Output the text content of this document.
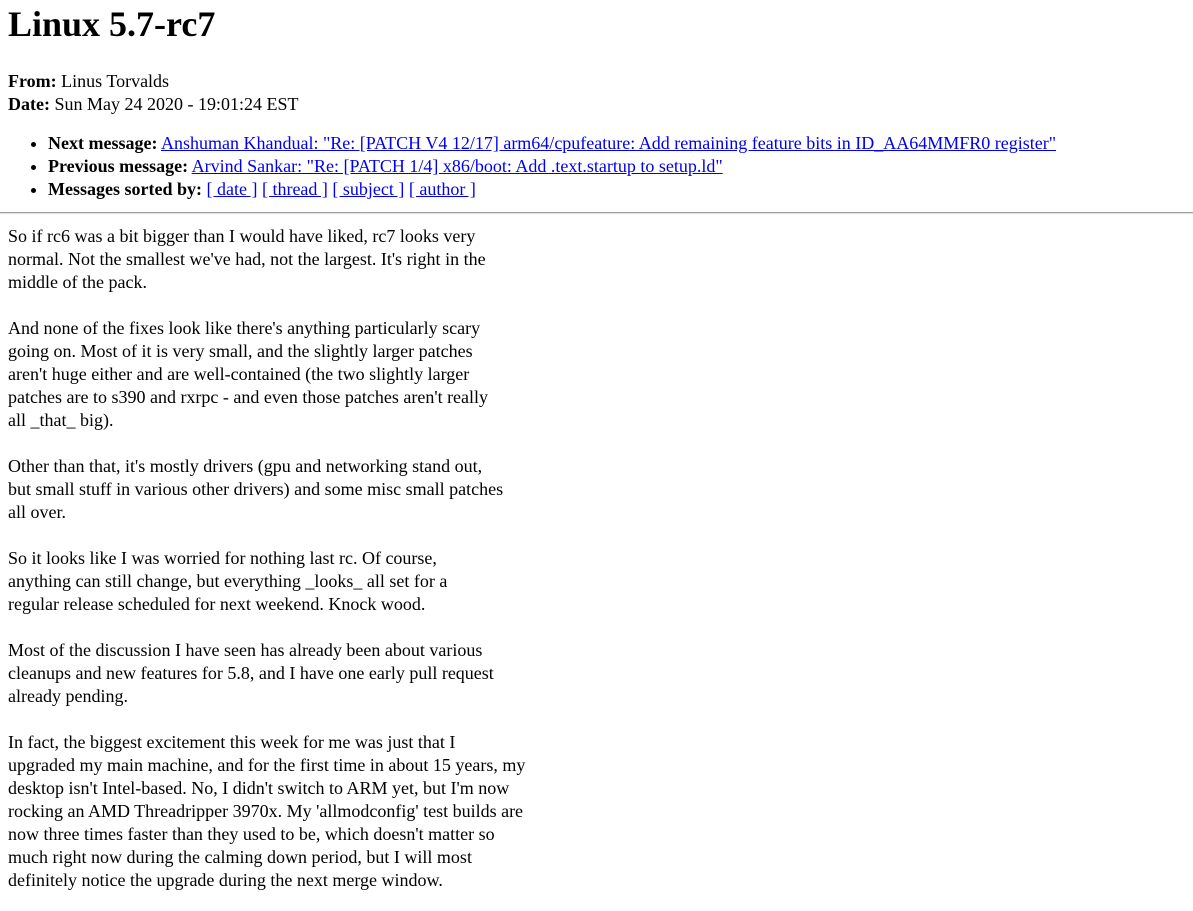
Linux 5.7-rc7
From: Linus Torvalds
Date: Sun May 24 2020 - 19:01:24 EST
• Next message: Anshuman Khandual: "Re: [PATCH V4 12/17] arm64/cpufeature: Add remaining feature bits in ID_AA64MMFR0 register"
• Previous message: Arvind Sankar: "Re: [PATCH 1/4] x86/boot: Add .text.startup to setup.ld"
• Messages sorted by: [ date ] [ thread ] [ subject ] [ author ]

So if rc6 was a bit bigger than I would have liked, rc7 looks very
normal. Not the smallest we've had, not the largest. It's right in the
middle of the pack.

And none of the fixes look like there's anything particularly scary
going on. Most of it is very small, and the slightly larger patches
aren't huge either and are well-contained (the two slightly larger
patches are to s390 and rxrpc - and even those patches aren't really
all _that_ big).

Other than that, it's mostly drivers (gpu and networking stand out,
but small stuff in various other drivers) and some misc small patches
all over.

So it looks like I was worried for nothing last rc. Of course,
anything can still change, but everything _looks_ all set for a
regular release scheduled for next weekend. Knock wood.

Most of the discussion I have seen has already been about various
cleanups and new features for 5.8, and I have one early pull request
already pending.

In fact, the biggest excitement this week for me was just that I
upgraded my main machine, and for the first time in about 15 years, my
desktop isn't Intel-based. No, I didn't switch to ARM yet, but I'm now
rocking an AMD Threadripper 3970x. My 'allmodconfig' test builds are
now three times faster than they used to be, which doesn't matter so
much right now during the calming down period, but I will most
definitely notice the upgrade during the next merge window.
